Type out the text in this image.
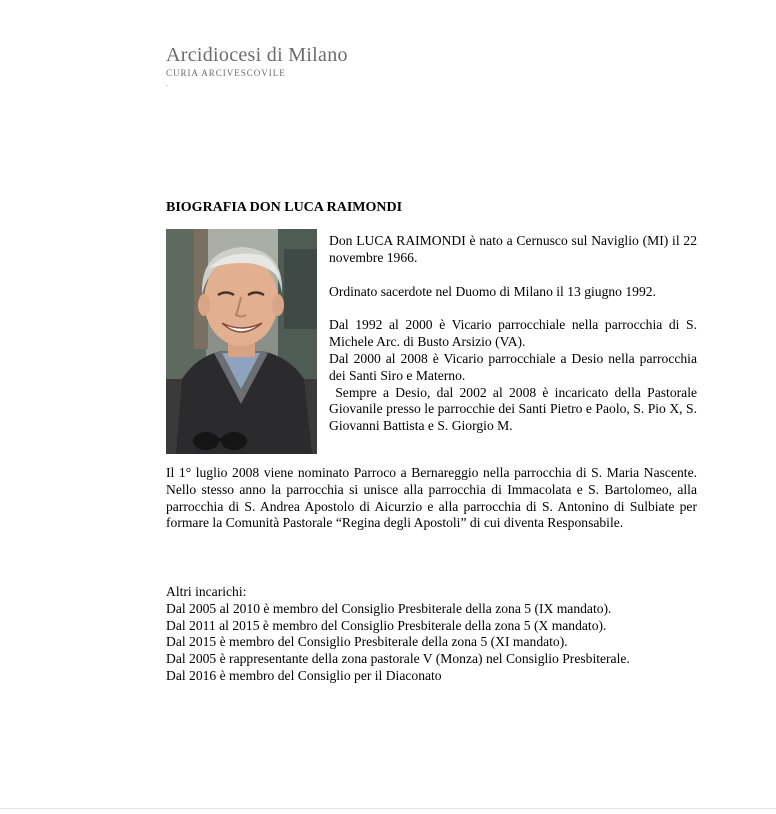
Arcidiocesi di Milano
CURIA ARCIVESCOVILE
.
BIOGRAFIA DON LUCA RAIMONDI

Don LUCA RAIMONDI è nato a Cernusco sul Naviglio (MI) il 22 novembre 1966.

Ordinato sacerdote nel Duomo di Milano il 13 giugno 1992.

Dal 1992 al 2000 è Vicario parrocchiale nella parrocchia di S. Michele Arc. di Busto Arsizio (VA).

Dal 2000 al 2008 è Vicario parrocchiale a Desio nella parrocchia dei Santi Siro e Materno.

Sempre a Desio, dal 2002 al 2008 è incaricato della Pastorale Giovanile presso le parrocchie dei Santi Pietro e Paolo, S. Pio X, S. Giovanni Battista e S. Giorgio M.

Il 1° luglio 2008 viene nominato Parroco a Bernareggio nella parrocchia di S. Maria Nascente. Nello stesso anno la parrocchia si unisce alla parrocchia di Immacolata e S. Bartolomeo, alla parrocchia di S. Andrea Apostolo di Aicurzio e alla parrocchia di S. Antonino di Sulbiate per formare la Comunità Pastorale “Regina degli Apostoli” di cui diventa Responsabile.

Altri incarichi:

Dal 2005 al 2010 è membro del Consiglio Presbiterale della zona 5 (IX mandato).

Dal 2011 al 2015 è membro del Consiglio Presbiterale della zona 5 (X mandato).

Dal 2015 è membro del Consiglio Presbiterale della zona 5 (XI mandato).

Dal 2005 è rappresentante della zona pastorale V (Monza) nel Consiglio Presbiterale.

Dal 2016 è membro del Consiglio per il Diaconato
